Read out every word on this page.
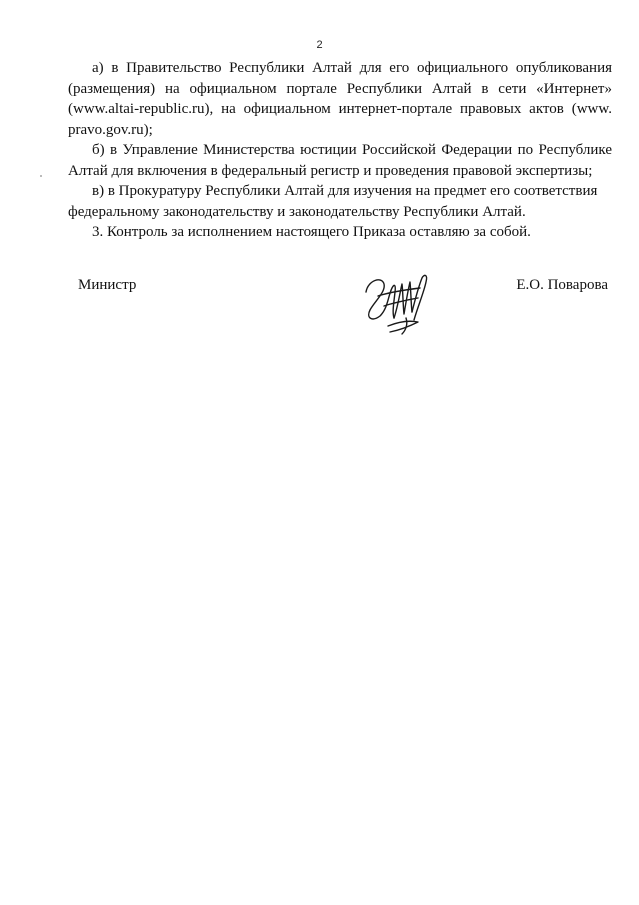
2

а) в Правительство Республики Алтай для его официального опубликования (размещения) на официальном портале Республики Алтай в сети «Интернет» (www.altai-republic.ru), на официальном интернет-портале правовых актов (www. pravo.gov.ru);

б) в Управление Министерства юстиции Российской Федерации по Республике Алтай для включения в федеральный регистр и проведения правовой экспертизы;

в) в Прокуратуру Республики Алтай для изучения на предмет его соответствия федеральному законодательству и законодательству Республики Алтай.

3. Контроль за исполнением настоящего Приказа оставляю за собой.

Министр	Е.О. Поварова
